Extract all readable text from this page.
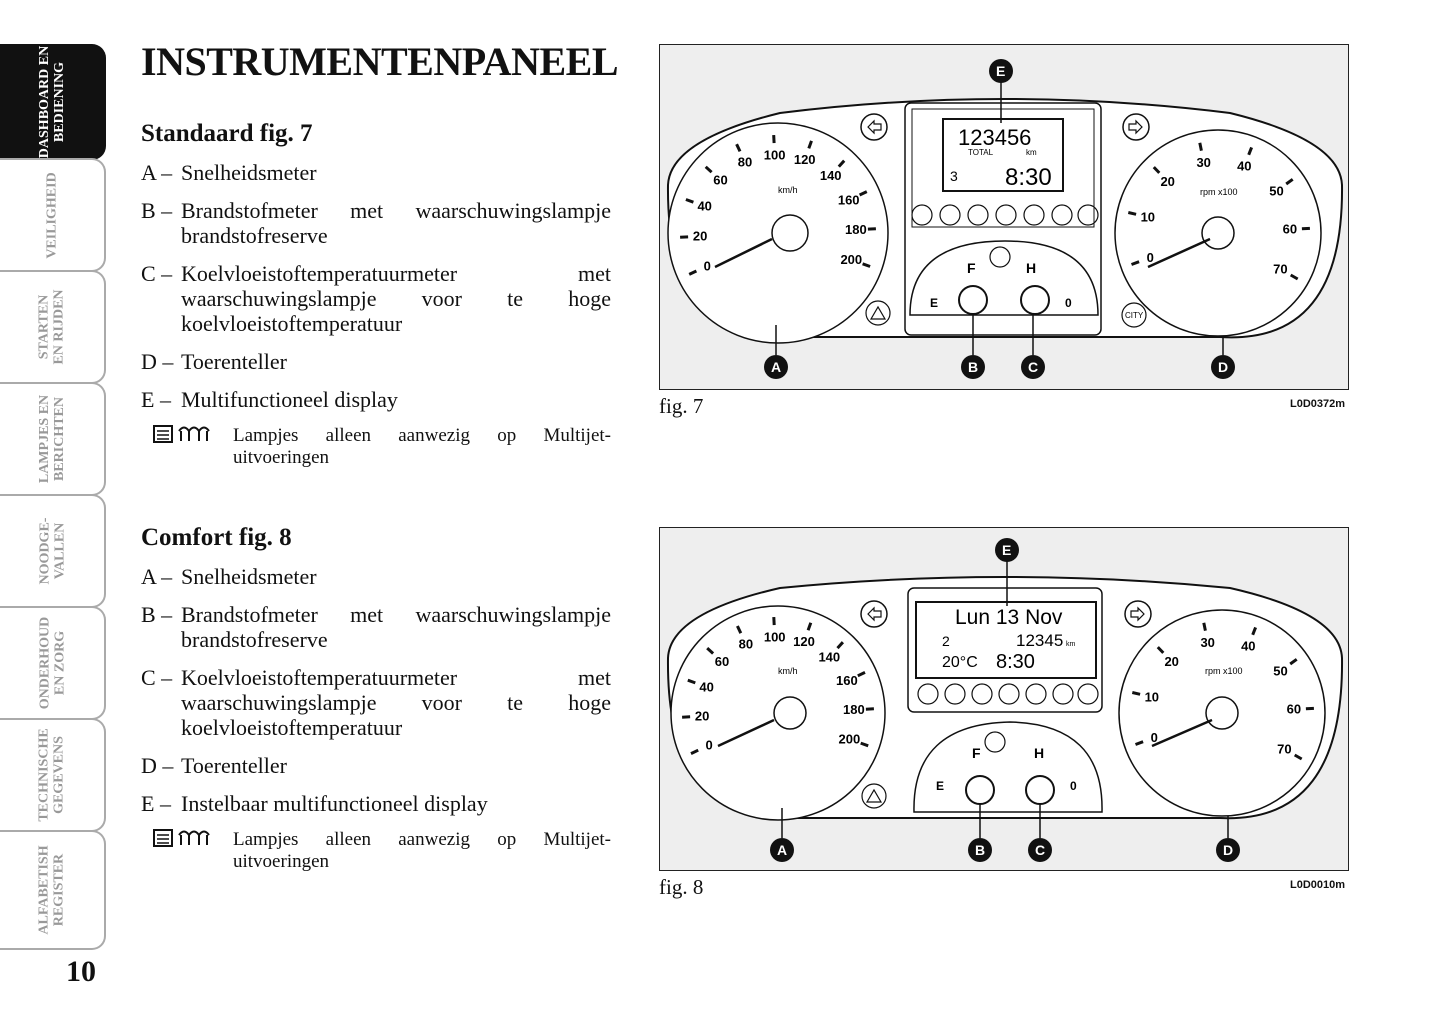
DASHBOARD EN BEDIENING
VEILIGHEID
STARTEN EN RIJDEN
LAMPJES EN BERICHTEN
NOODGE- VALLEN
ONDERHOUD EN ZORG
TECHNISCHE GEGEVENS
ALFABETISH REGISTER
10
INSTRUMENTENPANEEL
Standaard fig. 7
A – Snelheidsmeter
B – Brandstofmeter met waarschuwingslampje brandstofreserve
C – Koelvloeistoftemperatuurmeter met waarschuwingslampje voor te hoge koelvloeistoftemperatuur
D – Toerenteller
E – Multifunctioneel display
Lampjes alleen aanwezig op Multijet-uitvoeringen
Comfort fig. 8
A – Snelheidsmeter
B – Brandstofmeter met waarschuwingslampje brandstofreserve
C – Koelvloeistoftemperatuurmeter met waarschuwingslampje voor te hoge koelvloeistoftemperatuur
D – Toerenteller
E – Instelbaar multifunctioneel display
Lampjes alleen aanwezig op Multijet-uitvoeringen
123456
TOTAL	km
3 8:30
F
E
H
0
km/h
0
20
40
60
80 100 120
140
160
180
200
rpm x100
0
10
20
30 40
50
60
70
CITY
E
A	B	C	D
fig. 7	L0D0372m
Lun 13 Nov
2	12345 km
20°C 8:30
F
E
H
0
km/h
0
20
40
60
80 100 120
140
160
180
200
rpm x100
0
10
20
30 40
50
60
70
E
A	B	C	D
fig. 8	L0D0010m
